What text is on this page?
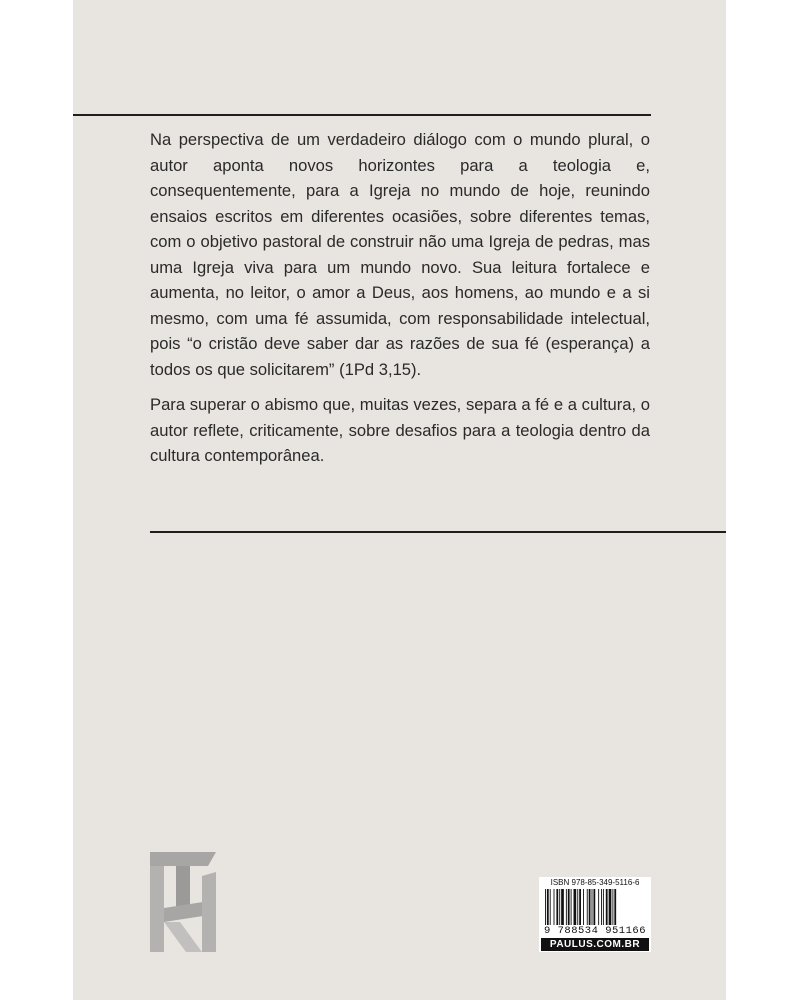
Na perspectiva de um verdadeiro diálogo com o mundo plural, o autor aponta novos horizontes para a teologia e, consequentemente, para a Igreja no mundo de hoje, reunindo ensaios escritos em diferentes ocasiões, sobre diferentes temas, com o objetivo pastoral de construir não uma Igreja de pedras, mas uma Igreja viva para um mundo novo. Sua leitura fortalece e aumenta, no leitor, o amor a Deus, aos homens, ao mundo e a si mesmo, com uma fé assumida, com responsabilidade intelectual, pois “o cristão deve saber dar as razões de sua fé (esperança) a todos os que solicitarem” (1Pd 3,15).

Para superar o abismo que, muitas vezes, separa a fé e a cultura, o autor reflete, criticamente, sobre desafios para a teologia dentro da cultura contemporânea.

ISBN 978-85-349-5116-6
9 788534 951166
PAULUS.COM.BR
